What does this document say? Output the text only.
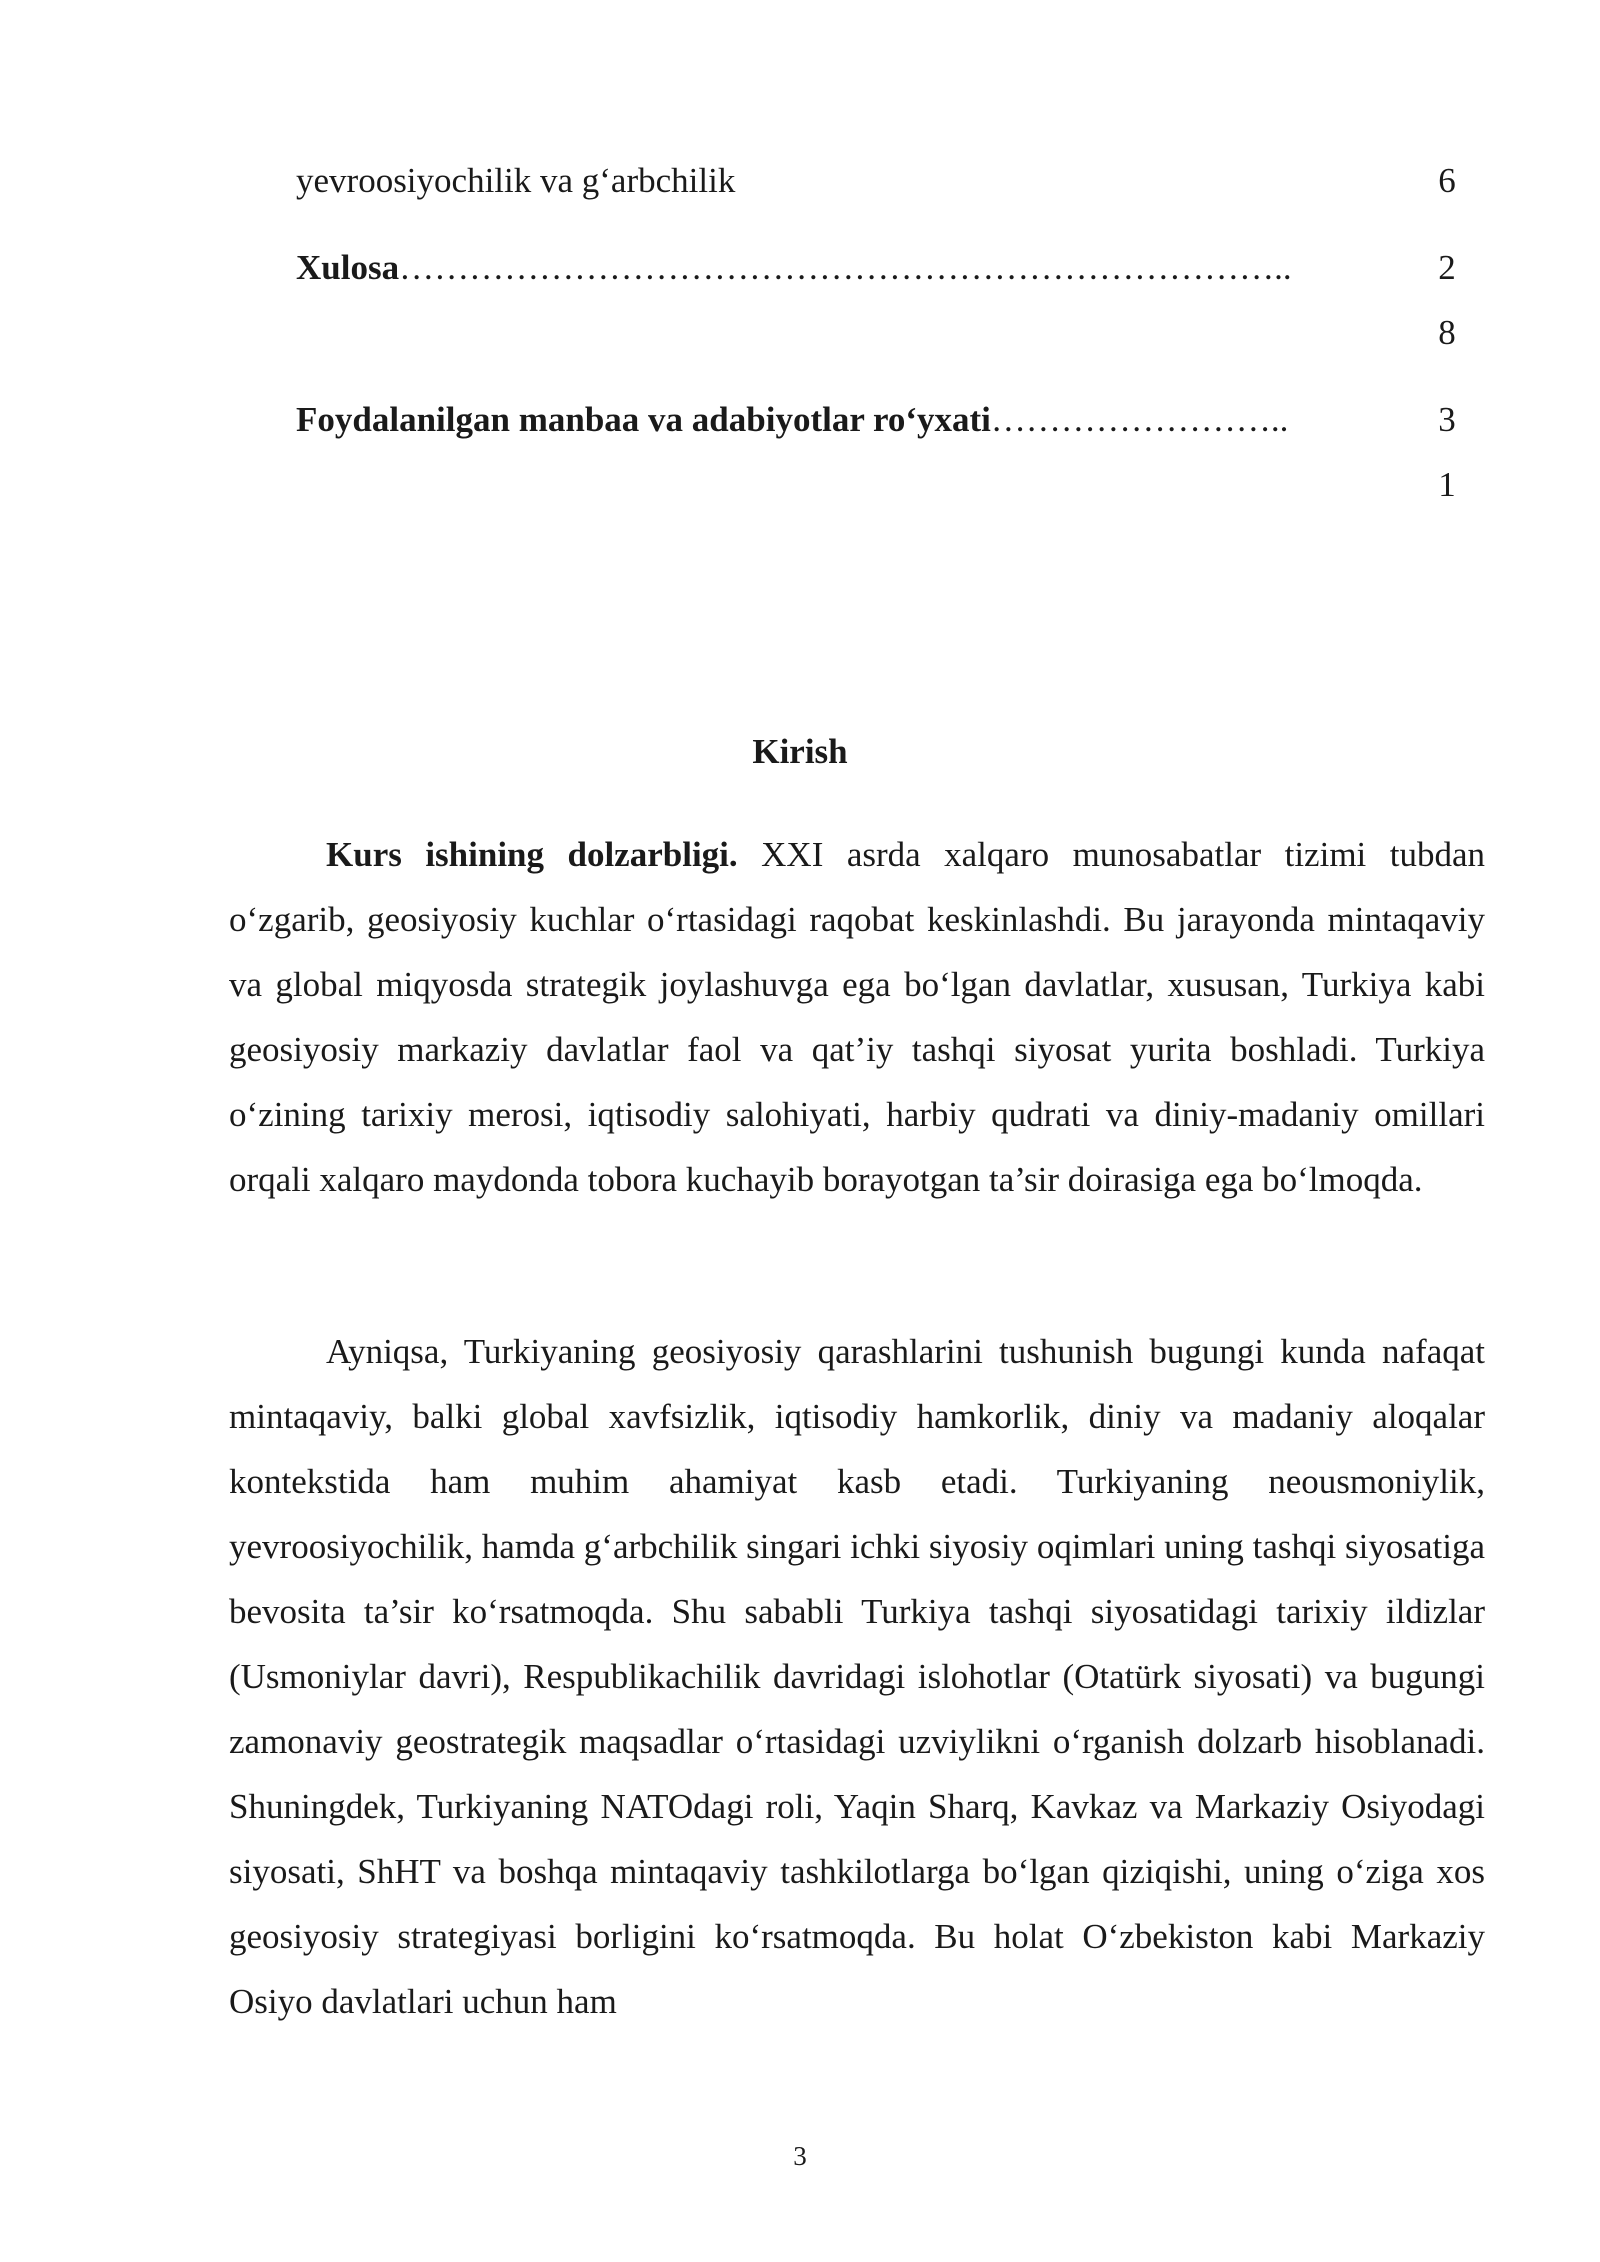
yevroosiyochilik va g‘arbchilik	6
Xulosa…………………………………………………………………..	28
Foydalanilgan manbaa va adabiyotlar ro‘yxati……………………..	31
Kirish

Kurs ishining dolzarbligi. XXI asrda xalqaro munosabatlar tizimi tubdan o‘zgarib, geosiyosiy kuchlar o‘rtasidagi raqobat keskinlashdi. Bu jarayonda mintaqaviy va global miqyosda strategik joylashuvga ega bo‘lgan davlatlar, xususan, Turkiya kabi geosiyosiy markaziy davlatlar faol va qat’iy tashqi siyosat yurita boshladi. Turkiya o‘zining tarixiy merosi, iqtisodiy salohiyati, harbiy qudrati va diniy-madaniy omillari orqali xalqaro maydonda tobora kuchayib borayotgan ta’sir doirasiga ega bo‘lmoqda.

Ayniqsa, Turkiyaning geosiyosiy qarashlarini tushunish bugungi kunda nafaqat mintaqaviy, balki global xavfsizlik, iqtisodiy hamkorlik, diniy va madaniy aloqalar kontekstida ham muhim ahamiyat kasb etadi. Turkiyaning neousmoniylik, yevroosiyochilik, hamda g‘arbchilik singari ichki siyosiy oqimlari uning tashqi siyosatiga bevosita ta’sir ko‘rsatmoqda. Shu sababli Turkiya tashqi siyosatidagi tarixiy ildizlar (Usmoniylar davri), Respublikachilik davridagi islohotlar (Otatürk siyosati) va bugungi zamonaviy geostrategik maqsadlar o‘rtasidagi uzviylikni o‘rganish dolzarb hisoblanadi. Shuningdek, Turkiyaning NATOdagi roli, Yaqin Sharq, Kavkaz va Markaziy Osiyodagi siyosati, ShHT va boshqa mintaqaviy tashkilotlarga bo‘lgan qiziqishi, uning o‘ziga xos geosiyosiy strategiyasi borligini ko‘rsatmoqda. Bu holat O‘zbekiston kabi Markaziy Osiyo davlatlari uchun ham

3
